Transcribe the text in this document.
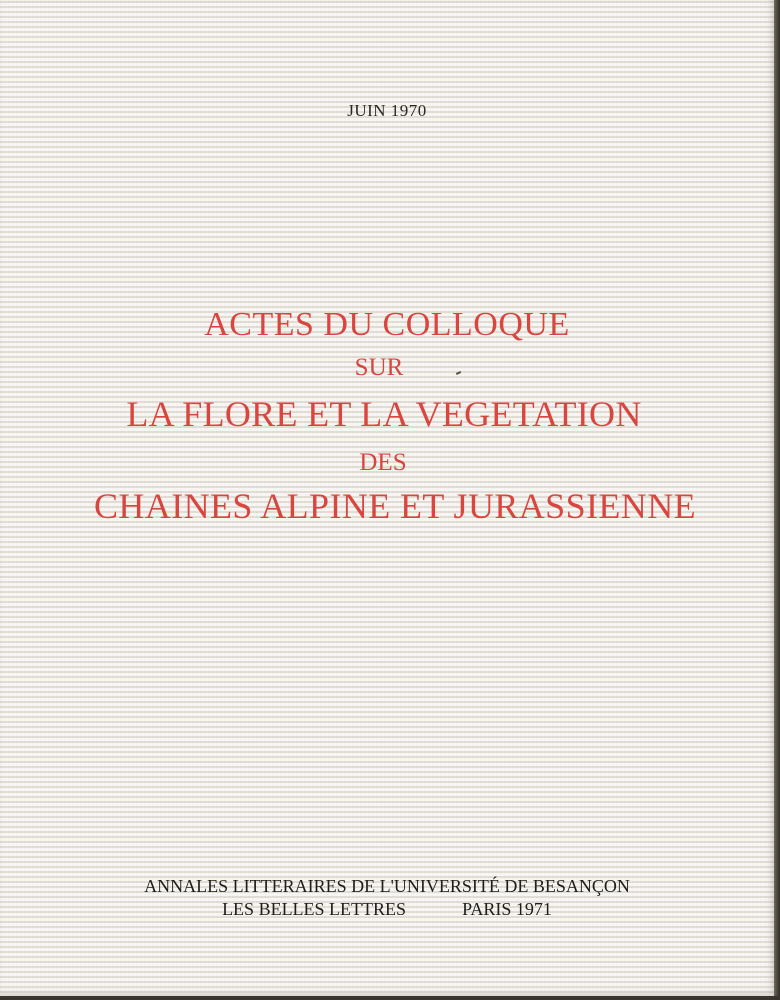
JUIN 1970
ACTES DU COLLOQUE
SUR
LA FLORE ET LA VEGETATION
DES
CHAINES ALPINE ET JURASSIENNE
ANNALES LITTERAIRES DE L'UNIVERSITÉ DE BESANÇON
LES BELLES LETTRES	PARIS 1971
